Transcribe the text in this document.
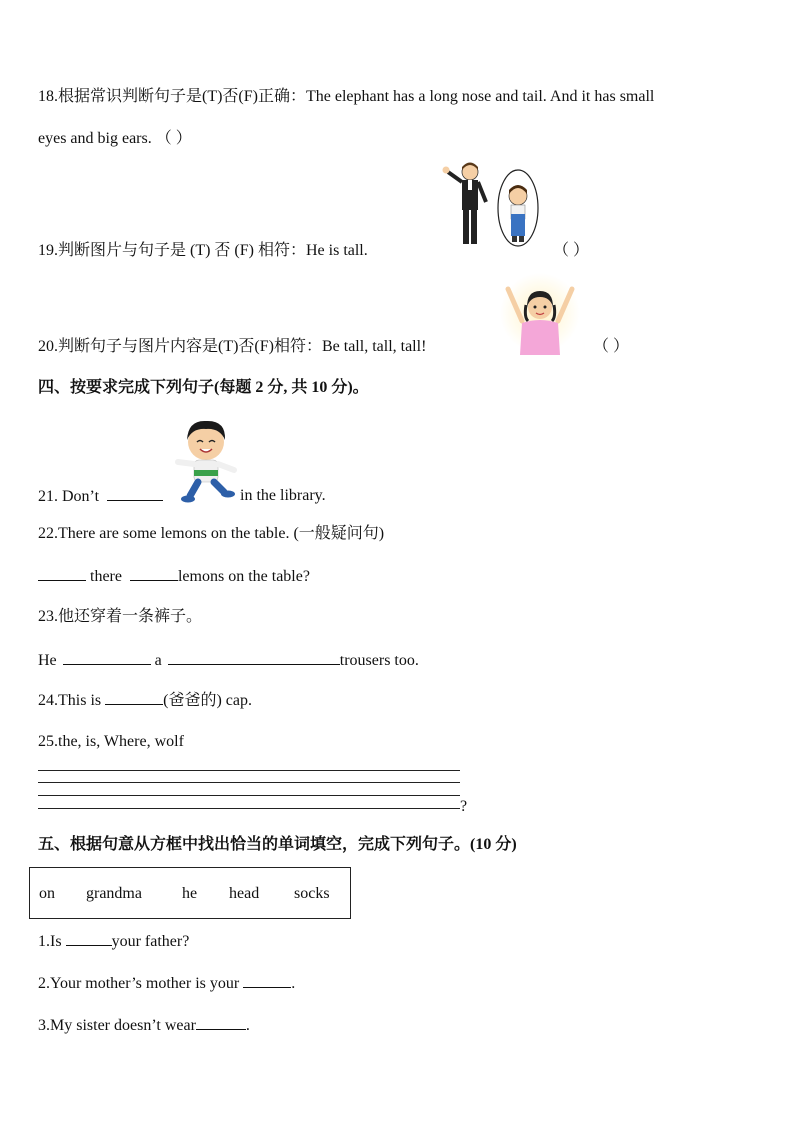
18.根据常识判断句子是(T)否(F)正确：The elephant has a long nose and tail. And it has small
eyes and big ears. （ ）
19.判断图片与句子是 (T) 否 (F) 相符：He is tall.	（ ）
20.判断句子与图片内容是(T)否(F)相符：Be tall, tall, tall!	（ ）
四、按要求完成下列句子(每题 2 分, 共 10 分)。
21. Don’t	in the library.
22.There are some lemons on the table. (一般疑问句)
there	lemons on the table?
23.他还穿着一条裤子。
He	a	trousers too.
24.This is	(爸爸的) cap.
25.the, is, Where, wolf
?
五、根据句意从方框中找出恰当的单词填空，完成下列句子。(10 分)
on grandma	he head socks
1.Is	your father?
2.Your mother’s mother is your	.
3.My sister doesn’t wear	.
